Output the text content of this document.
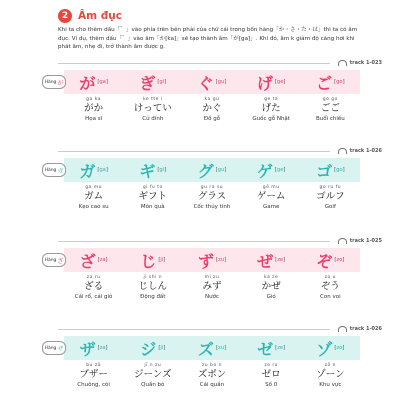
2 Âm đục
Khi ta cho thêm dấu「゛」vào phía trên bên phải của chữ cái trong bốn hàng「か・さ・た・は」thì ta có âm đục. Ví dụ, thêm dấu「゛」vào âm「か[ka]」sẽ tạo thành âm「が[ga]」. Khi đó, âm k giảm độ căng hơi khi phát âm, nhẹ đi, trở thành âm được g.
track 1-023
Hàng が が [ga]
ga ka
がか
Họa sĩ
ぎ [gi]
ke tte i
けってい
Cử đính
ぐ [gu]
ka gu
かぐ
Đồ gỗ
げ [ge]
ge ta
げた
Guốc gỗ Nhật
ご [go]
go go
ごご
Buổi chiều
track 1-026
Hàng ガ ガ [ga]
ga mu
ガム
Kẹo cao su
ギ [gi]
gi fu to
ギフト
Món quà
グ [gu]
gu ra su
グラス
Cốc thủy tinh
ゲ [ge]
gē mu
ゲーム
Game
ゴ [go]
go ru fu
ゴルフ
Golf
track 1-025
Hàng ざ ざ [za]
za ru
ざる
Cái rổ, cái giỏ
じ [ji]
ji shi n
じしん
Động đất
ず [zu]
mi zu
みず
Nước
ぜ [ze]
ka ze
かぜ
Gió
ぞ [zo]
zo u
ぞう
Con voi
track 1-026
Hàng ザ ザ [za]
bu zā
ブザー
Chuông, còi
ジ [ji]
jī n zu
ジーンズ
Quần bò
ズ [zu]
zu bo n
ズボン
Cái quần
ゼ [ze]
ze ro
ゼロ
Số 0
ゾ [zo]
zō n
ゾーン
Khu vực
